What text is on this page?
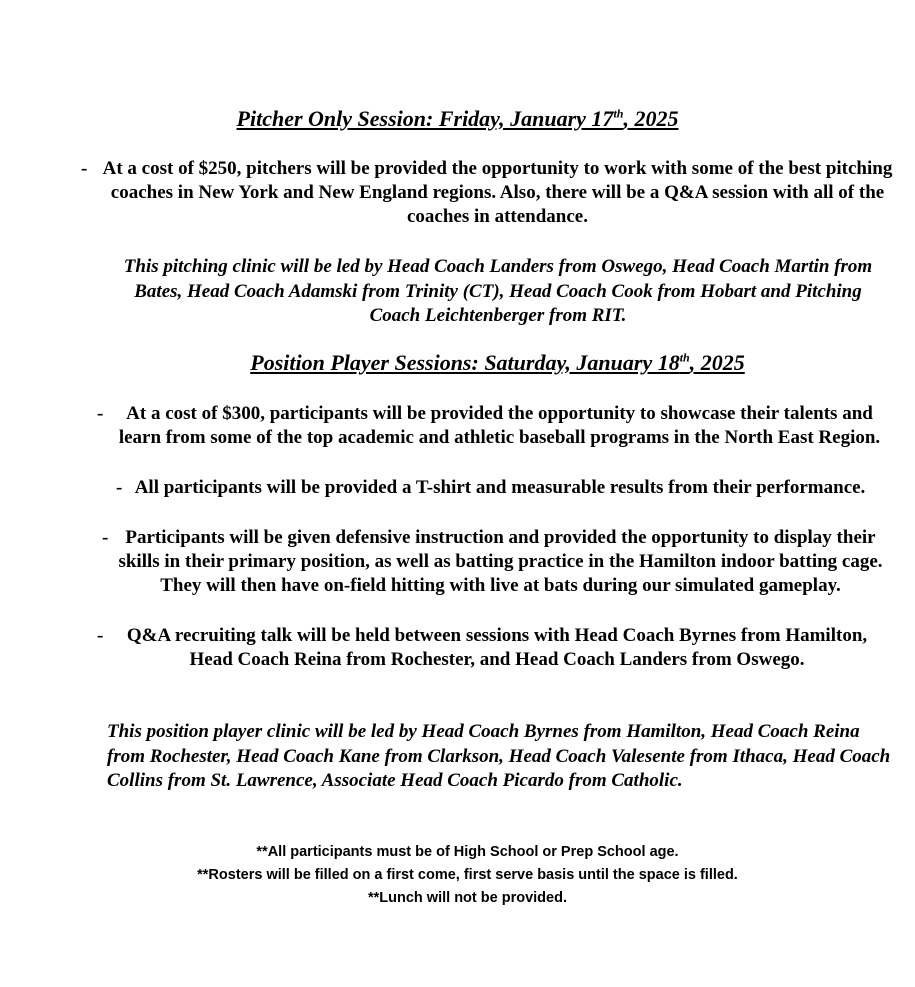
Pitcher Only Session: Friday, January 17th, 2025
- At a cost of $250, pitchers will be provided the opportunity to work with some of the best pitching coaches in New York and New England regions. Also, there will be a Q&A session with all of the coaches in attendance.
This pitching clinic will be led by Head Coach Landers from Oswego, Head Coach Martin from Bates, Head Coach Adamski from Trinity (CT), Head Coach Cook from Hobart and Pitching Coach Leichtenberger from RIT.
Position Player Sessions: Saturday, January 18th, 2025
-	At a cost of $300, participants will be provided the opportunity to showcase their talents and learn from some of the top academic and athletic baseball programs in the North East Region.
- All participants will be provided a T-shirt and measurable results from their performance.
- Participants will be given defensive instruction and provided the opportunity to display their skills in their primary position, as well as batting practice in the Hamilton indoor batting cage. They will then have on-field hitting with live at bats during our simulated gameplay.
-	Q&A recruiting talk will be held between sessions with Head Coach Byrnes from Hamilton, Head Coach Reina from Rochester, and Head Coach Landers from Oswego.
This position player clinic will be led by Head Coach Byrnes from Hamilton, Head Coach Reina from Rochester, Head Coach Kane from Clarkson, Head Coach Valesente from Ithaca, Head Coach Collins from St. Lawrence, Associate Head Coach Picardo from Catholic.
**All participants must be of High School or Prep School age.
**Rosters will be filled on a first come, first serve basis until the space is filled.
**Lunch will not be provided.
